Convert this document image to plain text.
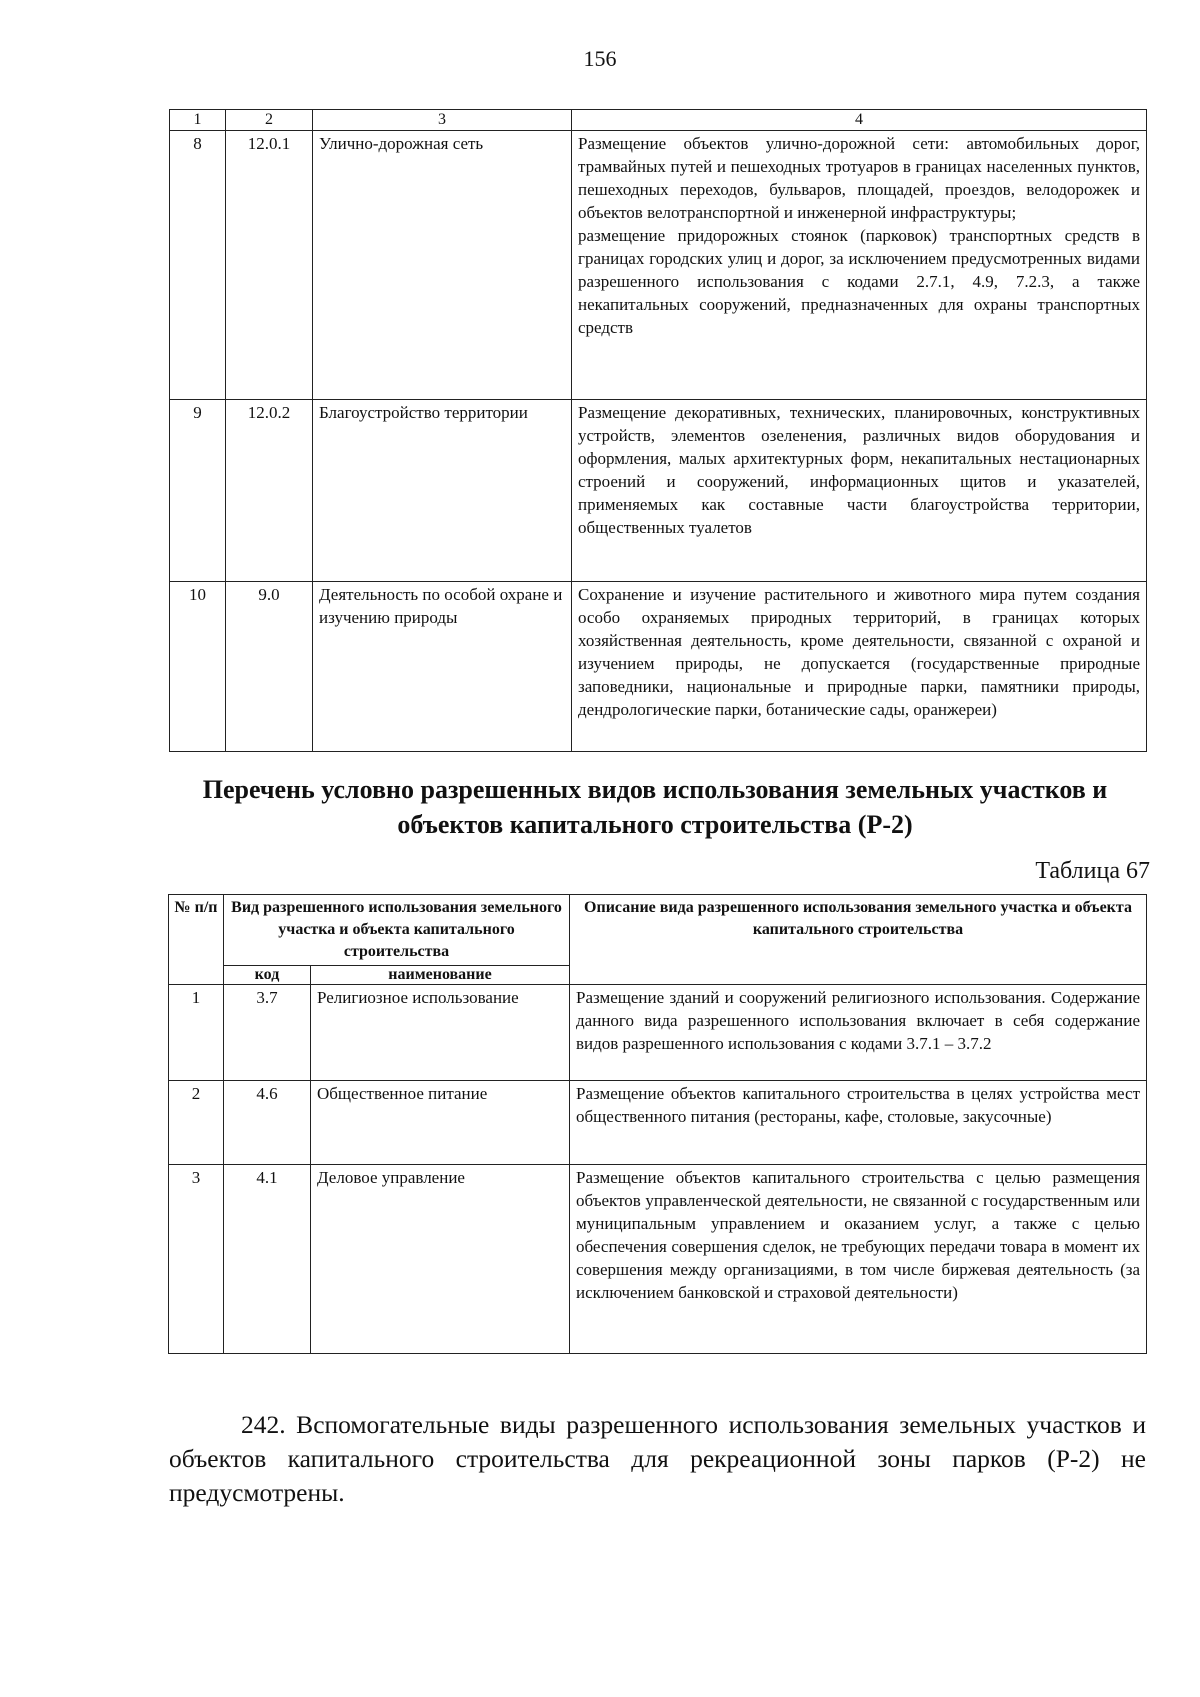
156
1	2	3	4
8	12.0.1	Улично-дорожная сеть	Размещение объектов улично-дорожной сети: автомобильных дорог, трамвайных путей и пешеходных тротуаров в границах населенных пунктов, пешеходных переходов, бульваров, площадей, проездов, велодорожек и объектов велотранспортной и инженерной инфраструктуры;
размещение придорожных стоянок (парковок) транспортных средств в границах городских улиц и дорог, за исключением предусмотренных видами разрешенного использования с кодами 2.7.1, 4.9, 7.2.3, а также некапитальных сооружений, предназначенных для охраны транспортных средств

9	12.0.2	Благоустройство территории	Размещение декоративных, технических, планировочных, конструктивных устройств, элементов озеленения, различных видов оборудования и оформления, малых архитектурных форм, некапитальных нестационарных строений и сооружений, информационных щитов и указателей, применяемых как составные части благоустройства территории, общественных туалетов
10	9.0	Деятельность по особой охране и изучению природы	Сохранение и изучение растительного и животного мира путем создания особо охраняемых природных территорий, в границах которых хозяйственная деятельность, кроме деятельности, связанной с охраной и изучением природы, не допускается (государственные природные заповедники, национальные и природные парки, памятники природы, дендрологические парки, ботанические сады, оранжереи)
Перечень условно разрешенных видов использования земельных участков и объектов капитального строительства (Р-2)
Таблица 67
№ п/п	Вид разрешенного использования земельного участка и объекта капитального строительства		Описание вида разрешенного использования земельного участка и объекта капитального строительства
	код	наименование	
1	3.7	Религиозное использование	Размещение зданий и сооружений религиозного использования. Содержание данного вида разрешенного использования включает в себя содержание видов разрешенного использования с кодами 3.7.1 – 3.7.2
2	4.6	Общественное питание	Размещение объектов капитального строительства в целях устройства мест общественного питания (рестораны, кафе, столовые, закусочные)
3	4.1	Деловое управление	Размещение объектов капитального строительства с целью размещения объектов управленческой деятельности, не связанной с государственным или муниципальным управлением и оказанием услуг, а также с целью обеспечения совершения сделок, не требующих передачи товара в момент их совершения между организациями, в том числе биржевая деятельность (за исключением банковской и страховой деятельности)
242. Вспомогательные виды разрешенного использования земельных участков и объектов капитального строительства для рекреационной зоны парков (Р-2) не предусмотрены.
